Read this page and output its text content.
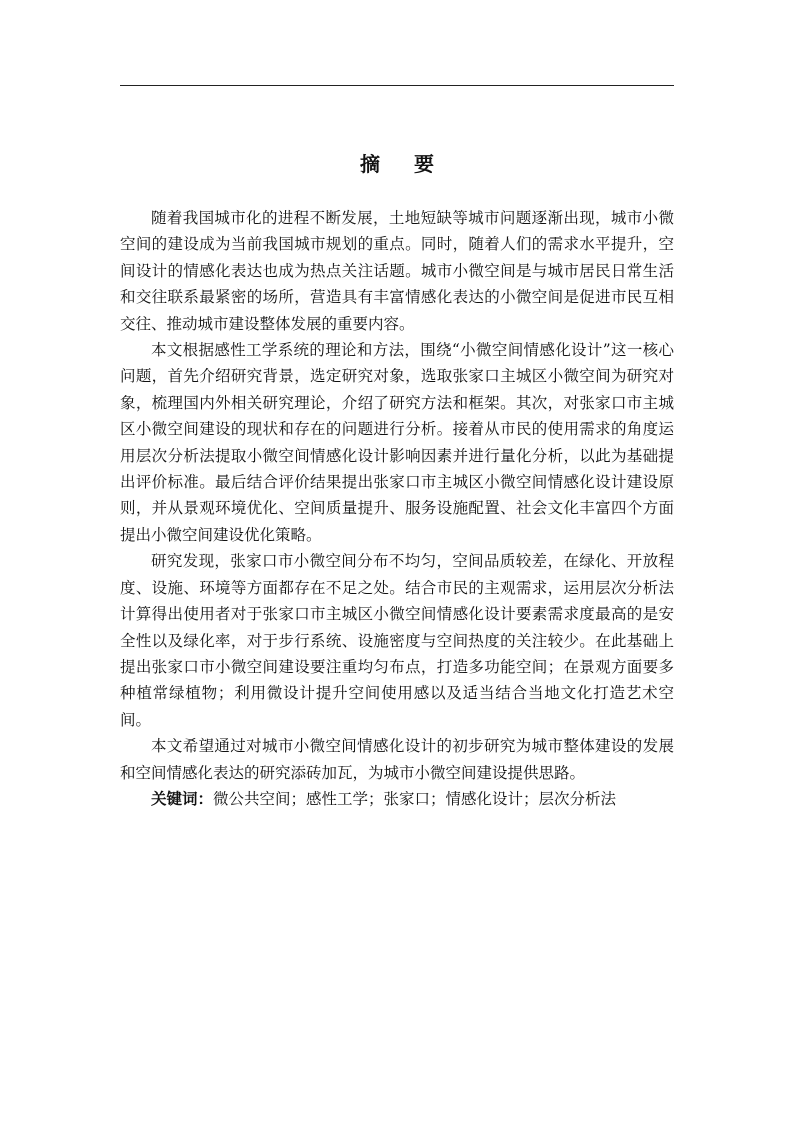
摘 要

随着我国城市化的进程不断发展，土地短缺等城市问题逐渐出现，城市小微空间的建设成为当前我国城市规划的重点。同时，随着人们的需求水平提升，空间设计的情感化表达也成为热点关注话题。城市小微空间是与城市居民日常生活和交往联系最紧密的场所，营造具有丰富情感化表达的小微空间是促进市民互相交往、推动城市建设整体发展的重要内容。

本文根据感性工学系统的理论和方法，围绕“小微空间情感化设计”这一核心问题，首先介绍研究背景，选定研究对象，选取张家口主城区小微空间为研究对象，梳理国内外相关研究理论，介绍了研究方法和框架。其次，对张家口市主城区小微空间建设的现状和存在的问题进行分析。接着从市民的使用需求的角度运用层次分析法提取小微空间情感化设计影响因素并进行量化分析，以此为基础提出评价标准。最后结合评价结果提出张家口市主城区小微空间情感化设计建设原则，并从景观环境优化、空间质量提升、服务设施配置、社会文化丰富四个方面提出小微空间建设优化策略。

研究发现，张家口市小微空间分布不均匀，空间品质较差，在绿化、开放程度、设施、环境等方面都存在不足之处。结合市民的主观需求，运用层次分析法计算得出使用者对于张家口市主城区小微空间情感化设计要素需求度最高的是安全性以及绿化率，对于步行系统、设施密度与空间热度的关注较少。在此基础上提出张家口市小微空间建设要注重均匀布点，打造多功能空间；在景观方面要多种植常绿植物；利用微设计提升空间使用感以及适当结合当地文化打造艺术空间。

本文希望通过对城市小微空间情感化设计的初步研究为城市整体建设的发展和空间情感化表达的研究添砖加瓦，为城市小微空间建设提供思路。

关键词：微公共空间；感性工学；张家口；情感化设计；层次分析法
